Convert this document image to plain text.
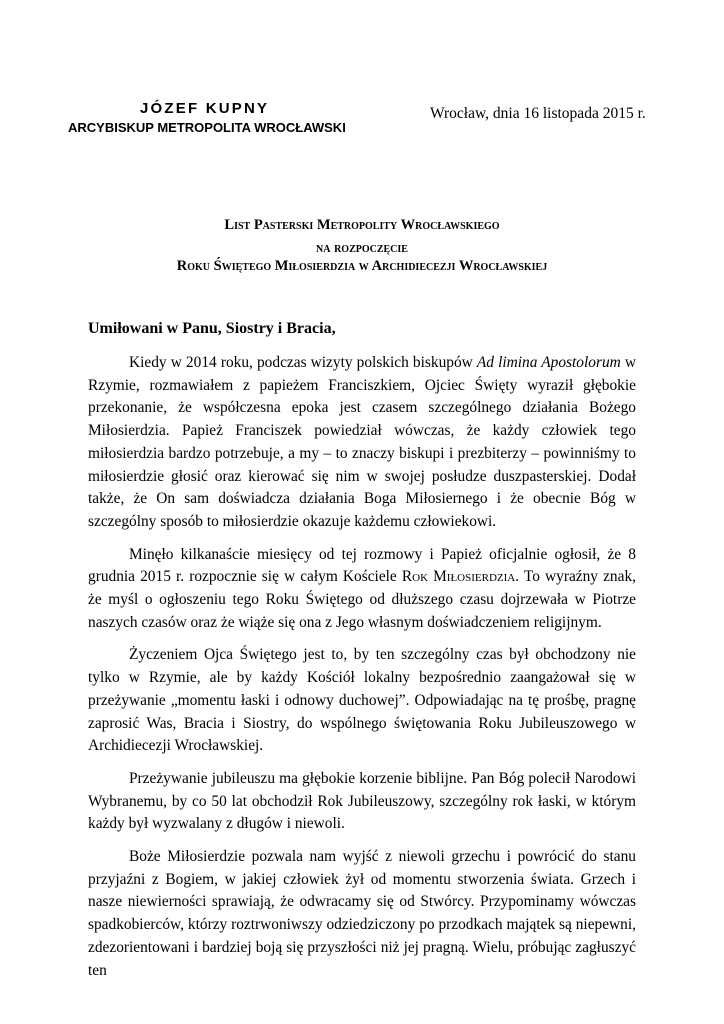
JÓZEF KUPNY
ARCYBISKUP METROPOLITA WROCŁAWSKI
Wrocław, dnia 16 listopada 2015 r.
List Pasterski Metropolity Wrocławskiego
na rozpoczęcie
Roku Świętego Miłosierdzia w Archidiecezji Wrocławskiej
Umiłowani w Panu, Siostry i Bracia,

Kiedy w 2014 roku, podczas wizyty polskich biskupów Ad limina Apostolorum w Rzymie, rozmawiałem z papieżem Franciszkiem, Ojciec Święty wyraził głębokie przekonanie, że współczesna epoka jest czasem szczególnego działania Bożego Miłosierdzia. Papież Franciszek powiedział wówczas, że każdy człowiek tego miłosierdzia bardzo potrzebuje, a my – to znaczy biskupi i prezbiterzy – powinniśmy to miłosierdzie głosić oraz kierować się nim w swojej posłudze duszpasterskiej. Dodał także, że On sam doświadcza działania Boga Miłosiernego i że obecnie Bóg w szczególny sposób to miłosierdzie okazuje każdemu człowiekowi.

Minęło kilkanaście miesięcy od tej rozmowy i Papież oficjalnie ogłosił, że 8 grudnia 2015 r. rozpocznie się w całym Kościele Rok Miłosierdzia. To wyraźny znak, że myśl o ogłoszeniu tego Roku Świętego od dłuższego czasu dojrzewała w Piotrze naszych czasów oraz że wiąże się ona z Jego własnym doświadczeniem religijnym.

Życzeniem Ojca Świętego jest to, by ten szczególny czas był obchodzony nie tylko w Rzymie, ale by każdy Kościół lokalny bezpośrednio zaangażował się w przeżywanie „momentu łaski i odnowy duchowej”. Odpowiadając na tę prośbę, pragnę zaprosić Was, Bracia i Siostry, do wspólnego świętowania Roku Jubileuszowego w Archidiecezji Wrocławskiej.

Przeżywanie jubileuszu ma głębokie korzenie biblijne. Pan Bóg polecił Narodowi Wybranemu, by co 50 lat obchodził Rok Jubileuszowy, szczególny rok łaski, w którym każdy był wyzwalany z długów i niewoli.

Boże Miłosierdzie pozwala nam wyjść z niewoli grzechu i powrócić do stanu przyjaźni z Bogiem, w jakiej człowiek żył od momentu stworzenia świata. Grzech i nasze niewierności sprawiają, że odwracamy się od Stwórcy. Przypominamy wówczas spadkobierców, którzy roztrwoniwszy odziedziczony po przodkach majątek są niepewni, zdezorientowani i bardziej boją się przyszłości niż jej pragną. Wielu, próbując zagłuszyć ten
